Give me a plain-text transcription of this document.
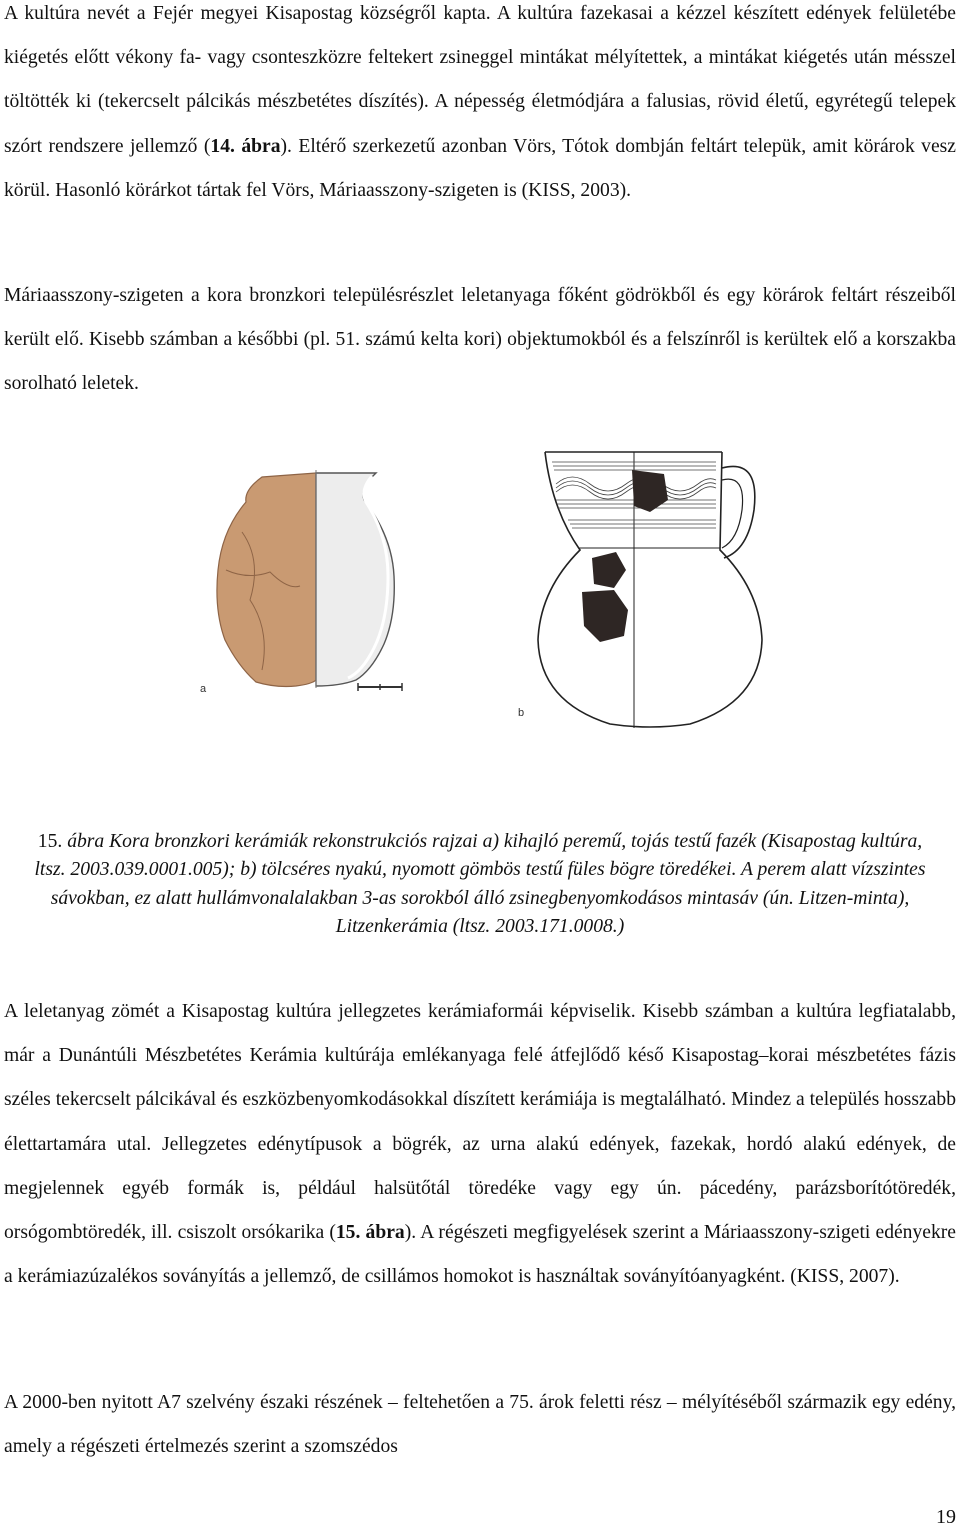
A kultúra nevét a Fejér megyei Kisapostag községről kapta. A kultúra fazekasai a kézzel készített edények felületébe kiégetés előtt vékony fa- vagy csonteszközre feltekert zsineggel mintákat mélyítettek, a mintákat kiégetés után mésszel töltötték ki (tekercselt pálcikás mészbetétes díszítés). A népesség életmódjára a falusias, rövid életű, egyrétegű telepek szórt rendszere jellemző (14. ábra). Eltérő szerkezetű azonban Vörs, Tótok dombján feltárt telepük, amit körárok vesz körül. Hasonló körárkot tártak fel Vörs, Máriaasszony-szigeten is (KISS, 2003).

Máriaasszony-szigeten a kora bronzkori településrészlet leletanyaga főként gödrökből és egy körárok feltárt részeiből került elő. Kisebb számban a későbbi (pl. 51. számú kelta kori) objektumokból és a felszínről is kerültek elő a korszakba sorolható leletek.

a
b
15. ábra Kora bronzkori kerámiák rekonstrukciós rajzai a) kihajló peremű, tojás testű fazék (Kisapostag kultúra, ltsz. 2003.039.0001.005); b) tölcséres nyakú, nyomott gömbös testű füles bögre töredékei. A perem alatt vízszintes sávokban, ez alatt hullámvonalalakban 3-as sorokból álló zsinegbenyomkodásos mintasáv (ún. Litzen-minta), Litzenkerámia (ltsz. 2003.171.0008.)

A leletanyag zömét a Kisapostag kultúra jellegzetes kerámiaformái képviselik. Kisebb számban a kultúra legfiatalabb, már a Dunántúli Mészbetétes Kerámia kultúrája emlékanyaga felé átfejlődő késő Kisapostag–korai mészbetétes fázis széles tekercselt pálcikával és eszközbenyomkodásokkal díszített kerámiája is megtalálható. Mindez a település hosszabb élettartamára utal. Jellegzetes edénytípusok a bögrék, az urna alakú edények, fazekak, hordó alakú edények, de megjelennek egyéb formák is, például halsütőtál töredéke vagy egy ún. pácedény, parázsborítótöredék, orsógombtöredék, ill. csiszolt orsókarika (15. ábra). A régészeti megfigyelések szerint a Máriaasszony-szigeti edényekre a kerámiazúzalékos soványítás a jellemző, de csillámos homokot is használtak soványítóanyagként. (KISS, 2007).

A 2000-ben nyitott A7 szelvény északi részének – feltehetően a 75. árok feletti rész – mélyítéséből származik egy edény, amely a régészeti értelmezés szerint a szomszédos

19
